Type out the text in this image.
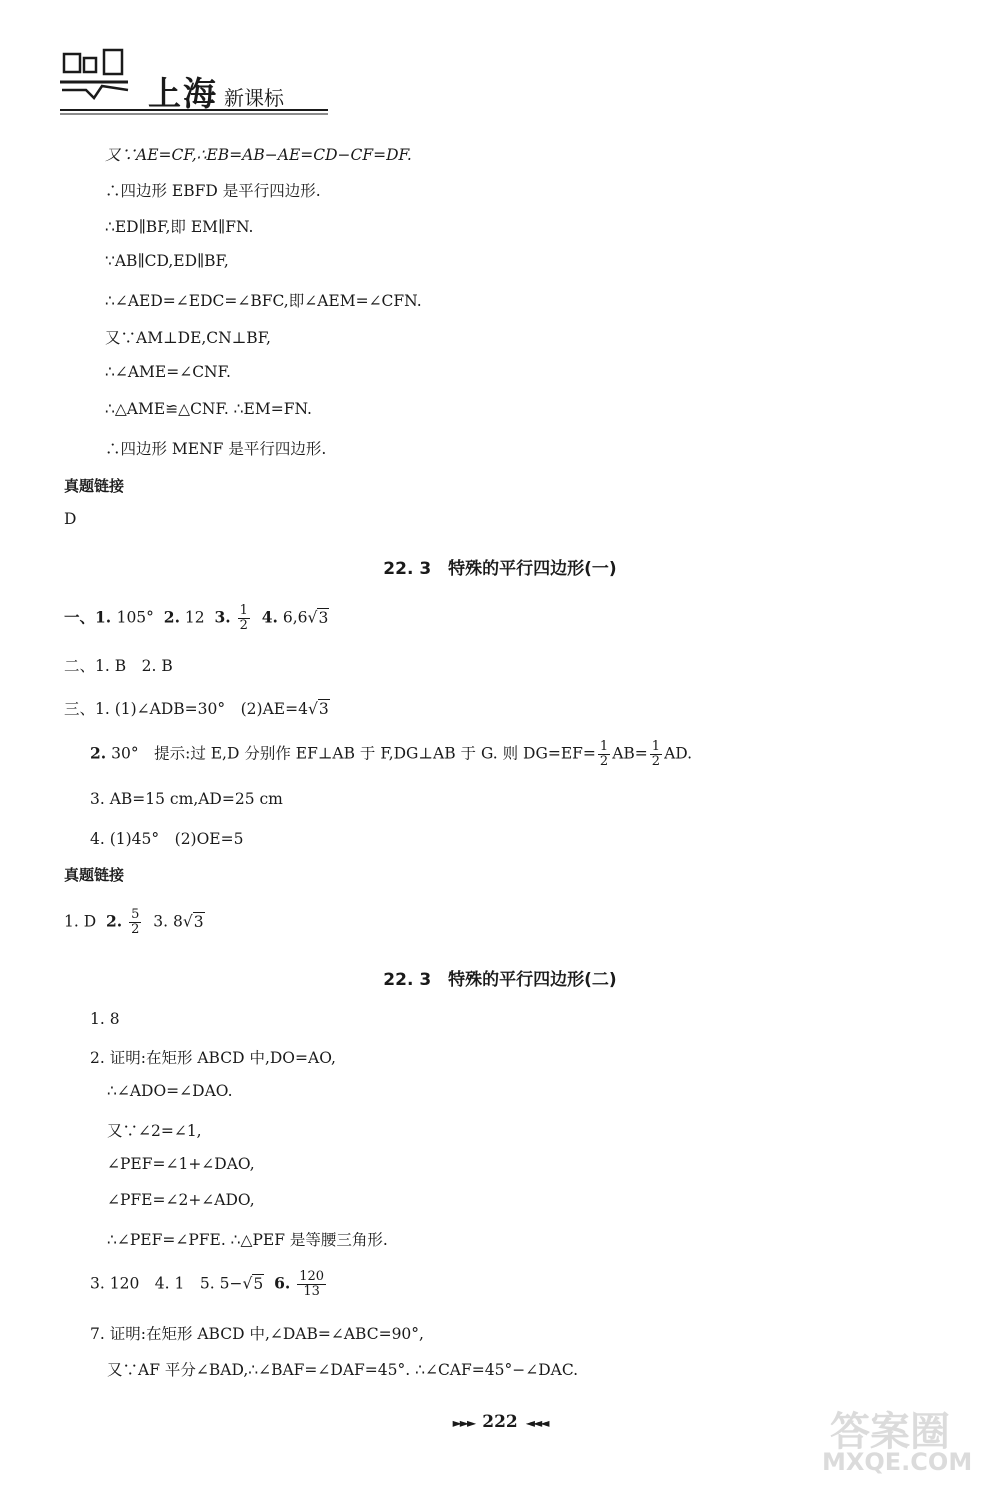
上海 新课标
又∵AE=CF,∴EB=AB−AE=CD−CF=DF.
∴四边形 EBFD 是平行四边形.
∴ED∥BF,即 EM∥FN.
∵AB∥CD,ED∥BF,
∴∠AED=∠EDC=∠BFC,即∠AEM=∠CFN.
又∵AM⊥DE,CN⊥BF,
∴∠AME=∠CNF.
∴△AME≌△CNF. ∴EM=FN.
∴四边形 MENF 是平行四边形.
真题链接
D
22. 3　特殊的平行四边形(一)
一、1. 105° 2. 12 3. $\frac{1}{2} 4$. 6,6√3
二、1. B　2. B
三、1. (1)∠ADB=30°　(2)AE=4√3
2. 30°　提示:过 E,D 分别作 EF⊥AB 于 F,DG⊥AB 于 G. 则 $DG=EF= \frac{1}{2} AB= \frac{1}{2}$ AD.
3. AB=15 cm,AD=25 cm
4. (1)45°　(2)OE=5
真题链接
1. D 2. $\frac{5}{2} 3$. 8√3
22. 3　特殊的平行四边形(二)
1. 8
2. 证明:在矩形 ABCD 中,DO=AO,
∴∠ADO=∠DAO.
又∵∠2=∠1,
∠PEF=∠1+∠DAO,
∠PFE=∠2+∠ADO,
∴∠PEF=∠PFE. ∴△PEF 是等腰三角形.
3. 120　4. 1　5. 5−√5 6. $\frac{120}{13}$
7. 证明:在矩形 ABCD 中,∠DAB=∠ABC=90°,
又∵AF 平分∠BAD,∴∠BAF=∠DAF=45°. ∴∠CAF=45°−∠DAC.
►►► 222 ◄◄◄	答案圈
MXQE.COM
